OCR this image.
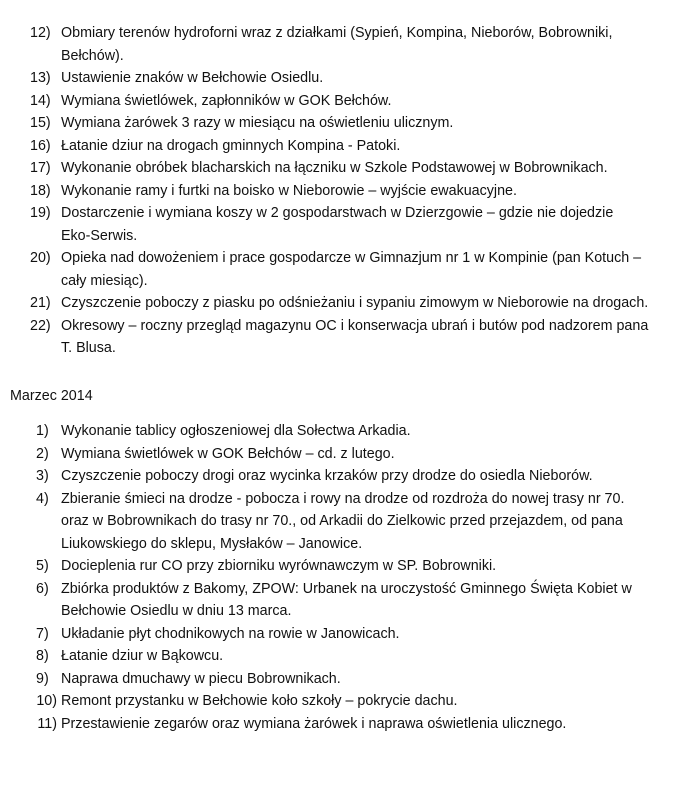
12) Obmiary terenów hydroforni wraz z działkami (Sypień, Kompina, Nieborów, Bobrowniki,
Bełchów).
13) Ustawienie znaków w Bełchowie Osiedlu.
14) Wymiana świetlówek, zapłonników w GOK Bełchów.
15) Wymiana żarówek 3 razy w miesiącu na oświetleniu ulicznym.
16) Łatanie dziur na drogach gminnych Kompina - Patoki.
17) Wykonanie obróbek blacharskich na łączniku w Szkole Podstawowej w Bobrownikach.
18) Wykonanie ramy i furtki na boisko w Nieborowie – wyjście ewakuacyjne.
19) Dostarczenie i wymiana koszy w 2 gospodarstwach w Dzierzgowie – gdzie nie dojedzie
Eko-Serwis.
20) Opieka nad dowożeniem i prace gospodarcze w Gimnazjum nr 1 w Kompinie (pan Kotuch –
cały miesiąc).
21) Czyszczenie poboczy z piasku po odśnieżaniu i sypaniu zimowym w Nieborowie na drogach.
22) Okresowy – roczny przegląd magazynu OC i konserwacja ubrań i butów pod nadzorem pana
T. Blusa.
Marzec 2014
1) Wykonanie tablicy ogłoszeniowej dla Sołectwa Arkadia.
2) Wymiana świetlówek w GOK Bełchów – cd. z lutego.
3) Czyszczenie poboczy drogi oraz wycinka krzaków przy drodze do osiedla Nieborów.
4) Zbieranie śmieci na drodze - pobocza i rowy na drodze od rozdroża do nowej trasy nr 70.
oraz w Bobrownikach do trasy nr 70., od Arkadii do Zielkowic przed przejazdem, od pana
Liukowskiego do sklepu, Mysłaków – Janowice.
5) Docieplenia rur CO przy zbiorniku wyrównawczym w SP. Bobrowniki.
6) Zbiórka produktów z Bakomy, ZPOW: Urbanek na uroczystość Gminnego Święta Kobiet w
Bełchowie Osiedlu w dniu 13 marca.
7) Układanie płyt chodnikowych na rowie w Janowicach.
8) Łatanie dziur w Bąkowcu.
9) Naprawa dmuchawy w piecu Bobrownikach.
10) Remont przystanku w Bełchowie koło szkoły – pokrycie dachu.
11) Przestawienie zegarów oraz wymiana żarówek i naprawa oświetlenia ulicznego.
